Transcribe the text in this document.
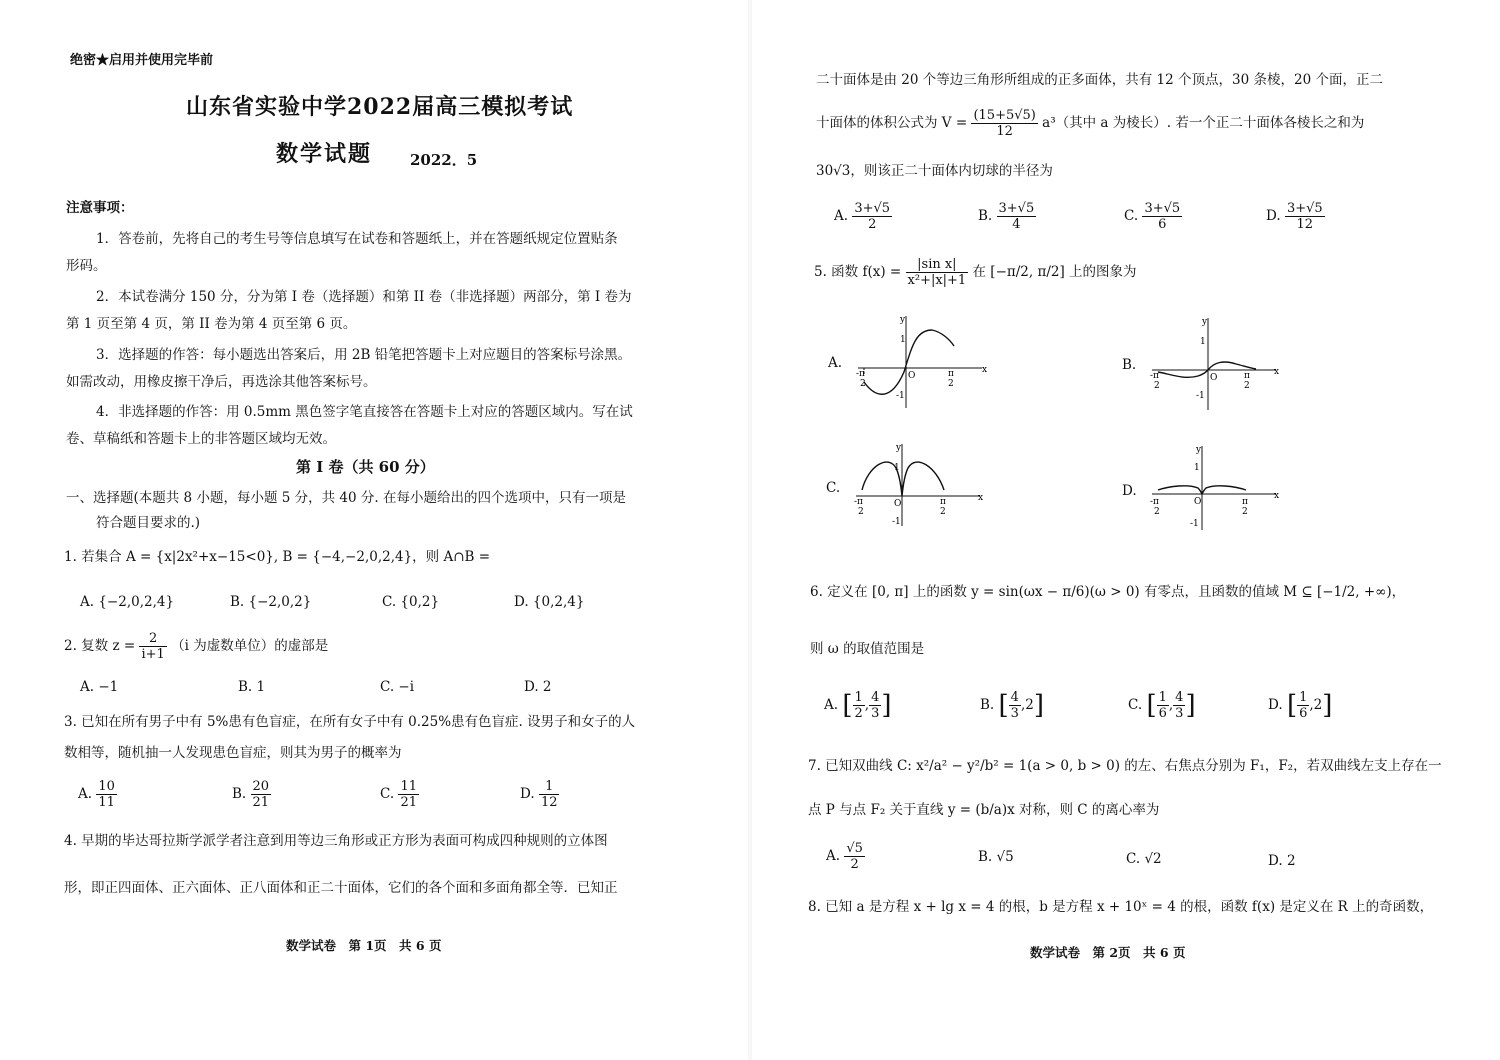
绝密★启用并使用完毕前
山东省实验中学2022届高三模拟考试
数学试题	2022．5
注意事项：
1．答卷前，先将自己的考生号等信息填写在试卷和答题纸上，并在答题纸规定位置贴条
形码。
2．本试卷满分 150 分，分为第 I 卷（选择题）和第 II 卷（非选择题）两部分，第 I 卷为
第 1 页至第 4 页，第 II 卷为第 4 页至第 6 页。
3．选择题的作答：每小题选出答案后，用 2B 铅笔把答题卡上对应题目的答案标号涂黑。
如需改动，用橡皮擦干净后，再选涂其他答案标号。
4．非选择题的作答：用 0.5mm 黑色签字笔直接答在答题卡上对应的答题区域内。写在试
卷、草稿纸和答题卡上的非答题区域均无效。
第 I 卷（共 60 分）
一、选择题(本题共 8 小题，每小题 5 分，共 40 分. 在每小题给出的四个选项中，只有一项是
符合题目要求的.)
1. 若集合 A = {x|2x²+x−15<0}, B = {−4,−2,0,2,4}，则 A∩B =
A. {−2,0,2,4}	B. {−2,0,2}	C. {0,2}	D. {0,2,4}
2. 复数 $z = \frac{2}{i+1} (i$ 为虚数单位）的虚部是
A. −1	B. 1	C. −i	D. 2
3. 已知在所有男子中有 5%患有色盲症，在所有女子中有 0.25%患有色盲症. 设男子和女子的人
数相等，随机抽一人发现患色盲症，则其为男子的概率为
A. $\frac{10}{11}$	B. $\frac{20}{21}$	C. $\frac{11}{21}$	D. $\frac{1}{12}$
4. 早期的毕达哥拉斯学派学者注意到用等边三角形或正方形为表面可构成四种规则的立体图
形，即正四面体、正六面体、正八面体和正二十面体，它们的各个面和多面角都全等．已知正
数学试卷　第 1页　共 6 页
二十面体是由 20 个等边三角形所组成的正多面体，共有 12 个顶点，30 条棱，20 个面，正二
十面体的体积公式为 $V = \frac{(15+5√5)}{12} a^3$（其中 a 为棱长）. 若一个正二十面体各棱长之和为
30√3，则该正二十面体内切球的半径为
A. $\frac{3+√5}{2}$	B. $\frac{3+√5}{4}$	C. $\frac{3+√5}{6}$	D. $\frac{3+√5}{12}$
5. 函数 $f(x) = \frac{\text{|sin x|}}{\text{x²+|x|+1}}$ 在 [−π/2, π/2] 上的图象为
A.	x
y
1
-1
O
-π
2
π
2
B.	x
y
1
-1
O
-π
2
π
2
C.
x
y
1
-1
O
-π
2
π
2
D.	x
y
1
-1
O
-π
2
π
2
6. 定义在 [0, π] 上的函数 y = sin(ωx − π/6)(ω > 0) 有零点，且函数的值域 M ⊆ [−1/2, +∞)，
则 ω 的取值范围是
A. [ $\frac{1}{2}$ , $\frac{4}{3}$ ]	B. [ $\frac{4}{3} ,2$]	C. [ $\frac{1}{6}$ , $\frac{4}{3}$ ]	D. [ $\frac{1}{6} ,2$]
7. 已知双曲线 C: x²/a² − y²/b² = 1(a > 0, b > 0) 的左、右焦点分别为 F₁，F₂，若双曲线左支上存在一
点 P 与点 F₂ 关于直线 y = (b/a)x 对称，则 C 的离心率为
A. $\frac{√5}{2}$	B. √5	C. √2	D. 2
8. 已知 a 是方程 x + lg x = 4 的根，b 是方程 x + 10ˣ = 4 的根，函数 f(x) 是定义在 R 上的奇函数，
数学试卷　第 2页　共 6 页
